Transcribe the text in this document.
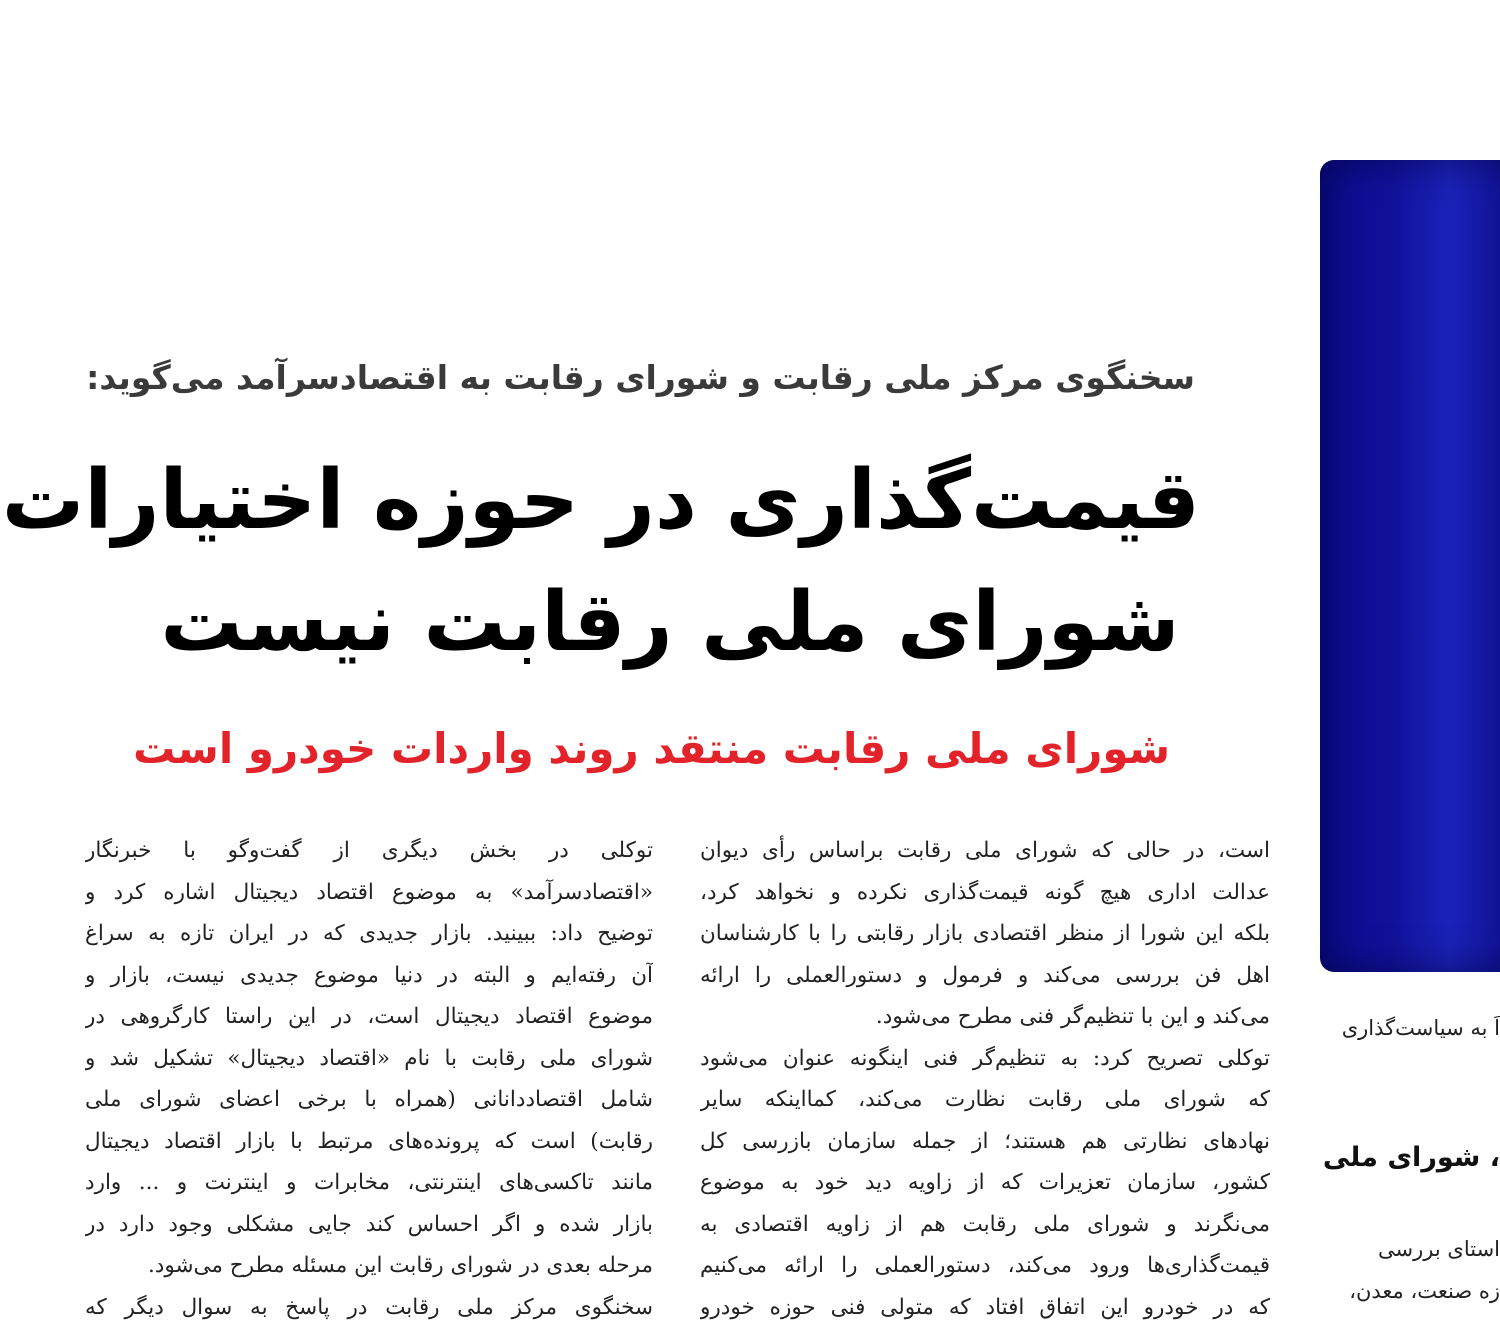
سخنگوی مرکز ملی رقابت و شورای رقابت به اقتصادسرآمد می‌گوید:
قیمت‌گذاری در حوزه اختیارات
شورای ملی رقابت نیست
شورای ملی رقابت منتقد روند واردات خودرو است
است، در حالی که شورای ملی رقابت براساس رأی دیوان
عدالت اداری هیچ گونه قیمت‌گذاری نکرده و نخواهد کرد،
بلکه این شورا از منظر اقتصادی بازار رقابتی را با کارشناسان
اهل فن بررسی می‌کند و فرمول و دستورالعملی را ارائه
می‌کند و این با تنظیم‌گر فنی مطرح می‌شود.
توکلی تصریح کرد: به تنظیم‌گر فنی اینگونه عنوان می‌شود
که شورای ملی رقابت نظارت می‌کند، کمااینکه سایر
نهادهای نظارتی هم هستند؛ از جمله سازمان بازرسی کل
کشور، سازمان تعزیرات که از زاویه دید خود به موضوع
می‌نگرند و شورای ملی رقابت هم از زاویه اقتصادی به
قیمت‌گذاری‌ها ورود می‌کند، دستورالعملی را ارائه می‌کنیم
که در خودرو این اتفاق افتاد که متولی فنی حوزه خودرو
توکلی در بخش دیگری از گفت‌وگو با خبرنگار
«اقتصادسرآمد» به موضوع اقتصاد دیجیتال اشاره کرد و
توضیح داد: ببینید. بازار جدیدی که در ایران تازه به سراغ
آن رفته‌ایم و البته در دنیا موضوع جدیدی نیست، بازار و
موضوع اقتصاد دیجیتال است، در این راستا کارگروهی در
شورای ملی رقابت با نام «اقتصاد دیجیتال» تشکیل شد و
شامل اقتصاددانانی (همراه با برخی اعضای شورای ملی
رقابت) است که پرونده‌های مرتبط با بازار اقتصاد دیجیتال
مانند تاکسی‌های اینترنتی، مخابرات و اینترنت و ... وارد
بازار شده و اگر احساس کند جایی مشکلی وجود دارد در
مرحله بعدی در شورای رقابت این مسئله مطرح می‌شود.
سخنگوی مرکز ملی رقابت در پاسخ به سوال دیگر که
اً به سیاست‌گذاری
، شورای ملی
استای بررسی
زه صنعت، معدن،
